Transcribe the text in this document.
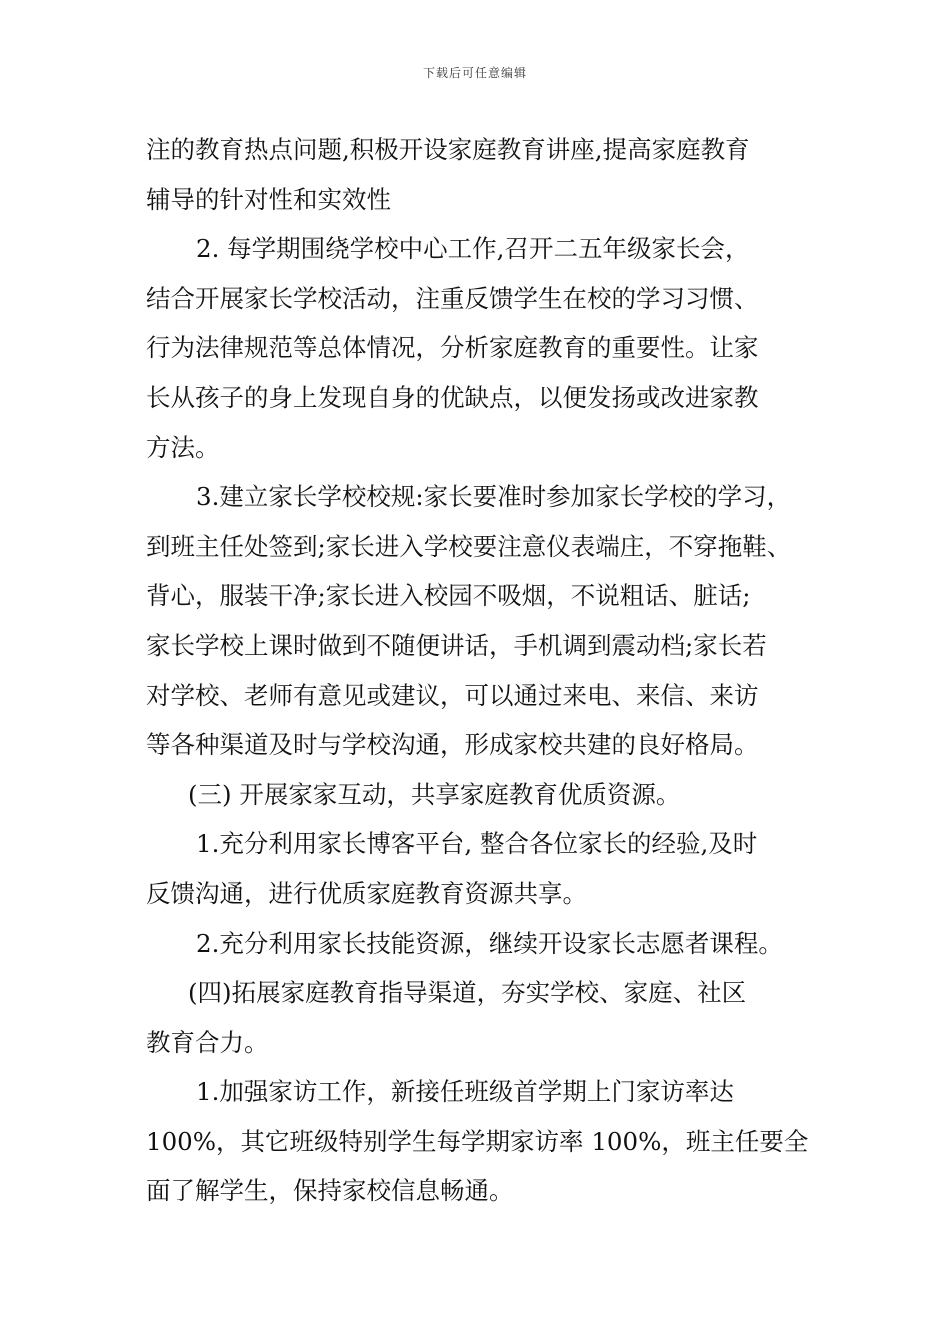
下载后可任意编辑
注的教育热点问题,积极开设家庭教育讲座,提高家庭教育
辅导的针对性和实效性
2. 每学期围绕学校中心工作,召开二五年级家长会，
结合开展家长学校活动，注重反馈学生在校的学习习惯、
行为法律规范等总体情况，分析家庭教育的重要性。让家
长从孩子的身上发现自身的优缺点，以便发扬或改进家教
方法。
3.建立家长学校校规:家长要准时参加家长学校的学习，
到班主任处签到;家长进入学校要注意仪表端庄，不穿拖鞋、
背心，服装干净;家长进入校园不吸烟，不说粗话、脏话;
家长学校上课时做到不随便讲话，手机调到震动档;家长若
对学校、老师有意见或建议，可以通过来电、来信、来访
等各种渠道及时与学校沟通，形成家校共建的良好格局。
(三) 开展家家互动，共享家庭教育优质资源。
1.充分利用家长博客平台, 整合各位家长的经验,及时
反馈沟通，进行优质家庭教育资源共享。
2.充分利用家长技能资源，继续开设家长志愿者课程。
(四)拓展家庭教育指导渠道，夯实学校、家庭、社区
教育合力。
1.加强家访工作，新接任班级首学期上门家访率达
100%，其它班级特别学生每学期家访率 100%，班主任要全
面了解学生，保持家校信息畅通。
